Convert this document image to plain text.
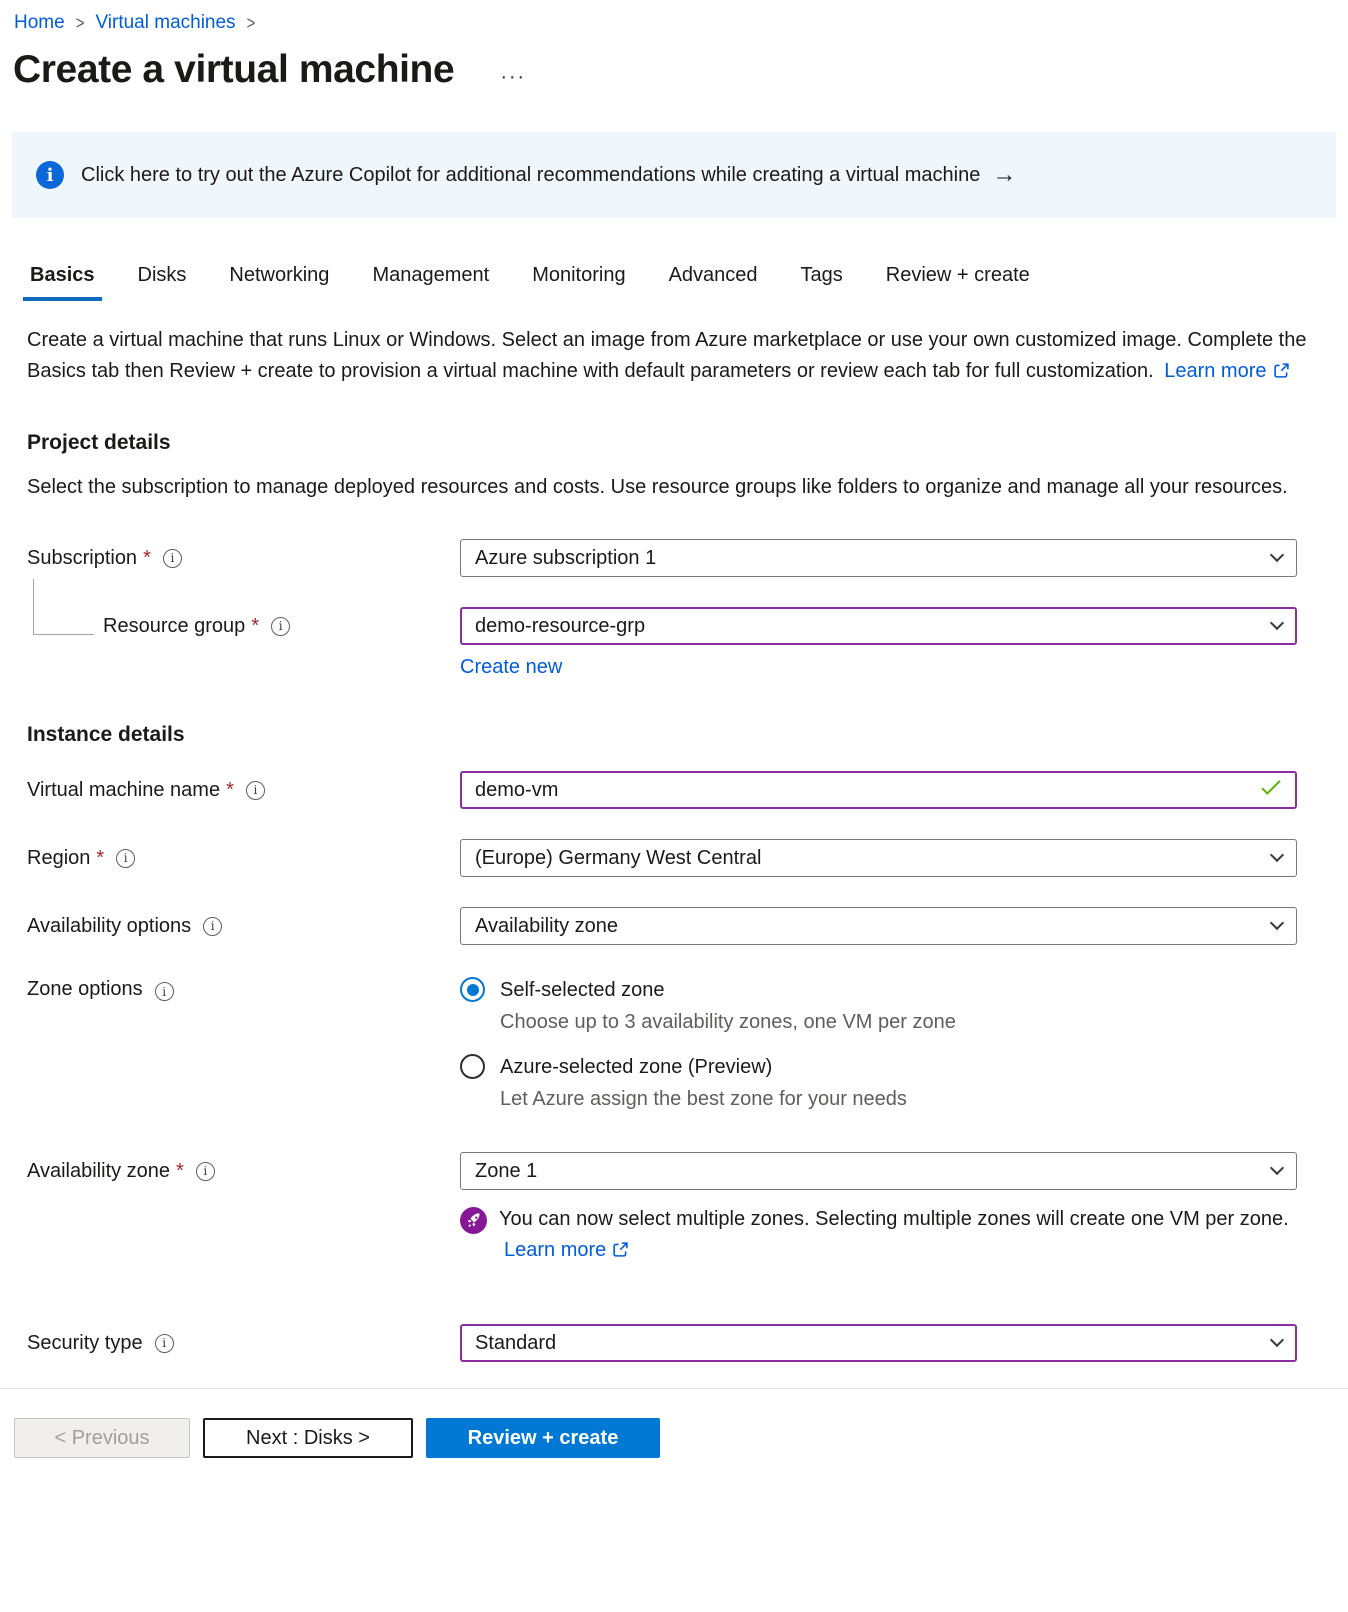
Home > Virtual machines >
Create a virtual machine ···
i	Click here to try out the Azure Copilot for additional recommendations while creating a virtual machine →
Basics Disks Networking Management Monitoring Advanced Tags Review + create
Create a virtual machine that runs Linux or Windows. Select an image from Azure marketplace or use your own customized image. Complete the Basics tab then Review + create to provision a virtual machine with default parameters or review each tab for full customization. Learn more
Project details
Select the subscription to manage deployed resources and costs. Use resource groups like folders to organize and manage all your resources.
Subscription *	i	Azure subscription 1
Resource group *	i	demo-resource-grp
Create new
Instance details
Virtual machine name *	i	demo-vm
Region *	i	(Europe) Germany West Central
Availability options	i	Availability zone
Zone options	i	Self-selected zone
Choose up to 3 availability zones, one VM per zone
Azure-selected zone (Preview)
Let Azure assign the best zone for your needs
Availability zone *	i	Zone 1
You can now select multiple zones. Selecting multiple zones will create one VM per zone. Learn more
Security type	i	Standard
< Previous	Next : Disks >	Review + create
